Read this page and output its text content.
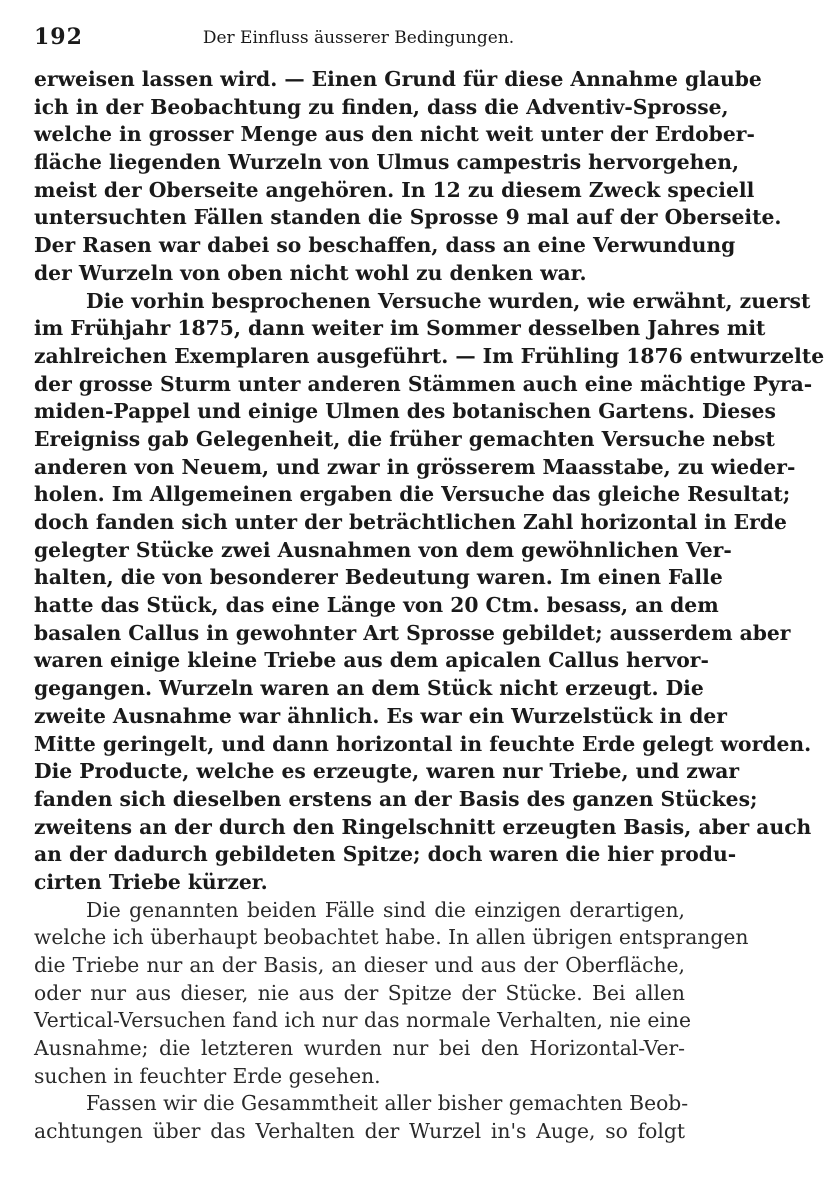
192	Der Einfluss äusserer Bedingungen.
erweisen lassen wird. — Einen Grund für diese Annahme glaube
ich in der Beobachtung zu finden, dass die Adventiv-Sprosse,
welche in grosser Menge aus den nicht weit unter der Erdober-
fläche liegenden Wurzeln von Ulmus campestris hervorgehen,
meist der Oberseite angehören. In 12 zu diesem Zweck speciell
untersuchten Fällen standen die Sprosse 9 mal auf der Oberseite.
Der Rasen war dabei so beschaffen, dass an eine Verwundung
der Wurzeln von oben nicht wohl zu denken war.
Die vorhin besprochenen Versuche wurden, wie erwähnt, zuerst
im Frühjahr 1875, dann weiter im Sommer desselben Jahres mit
zahlreichen Exemplaren ausgeführt. — Im Frühling 1876 entwurzelte
der grosse Sturm unter anderen Stämmen auch eine mächtige Pyra-
miden-Pappel und einige Ulmen des botanischen Gartens. Dieses
Ereigniss gab Gelegenheit, die früher gemachten Versuche nebst
anderen von Neuem, und zwar in grösserem Maasstabe, zu wieder-
holen. Im Allgemeinen ergaben die Versuche das gleiche Resultat;
doch fanden sich unter der beträchtlichen Zahl horizontal in Erde
gelegter Stücke zwei Ausnahmen von dem gewöhnlichen Ver-
halten, die von besonderer Bedeutung waren. Im einen Falle
hatte das Stück, das eine Länge von 20 Ctm. besass, an dem
basalen Callus in gewohnter Art Sprosse gebildet; ausserdem aber
waren einige kleine Triebe aus dem apicalen Callus hervor-
gegangen. Wurzeln waren an dem Stück nicht erzeugt. Die
zweite Ausnahme war ähnlich. Es war ein Wurzelstück in der
Mitte geringelt, und dann horizontal in feuchte Erde gelegt worden.
Die Producte, welche es erzeugte, waren nur Triebe, und zwar
fanden sich dieselben erstens an der Basis des ganzen Stückes;
zweitens an der durch den Ringelschnitt erzeugten Basis, aber auch
an der dadurch gebildeten Spitze; doch waren die hier produ-
cirten Triebe kürzer.
Die genannten beiden Fälle sind die einzigen derartigen,
welche ich überhaupt beobachtet habe. In allen übrigen entsprangen
die Triebe nur an der Basis, an dieser und aus der Oberfläche,
oder nur aus dieser, nie aus der Spitze der Stücke. Bei allen
Vertical-Versuchen fand ich nur das normale Verhalten, nie eine
Ausnahme; die letzteren wurden nur bei den Horizontal-Ver-
suchen in feuchter Erde gesehen.
Fassen wir die Gesammtheit aller bisher gemachten Beob-
achtungen über das Verhalten der Wurzel in's Auge, so folgt
